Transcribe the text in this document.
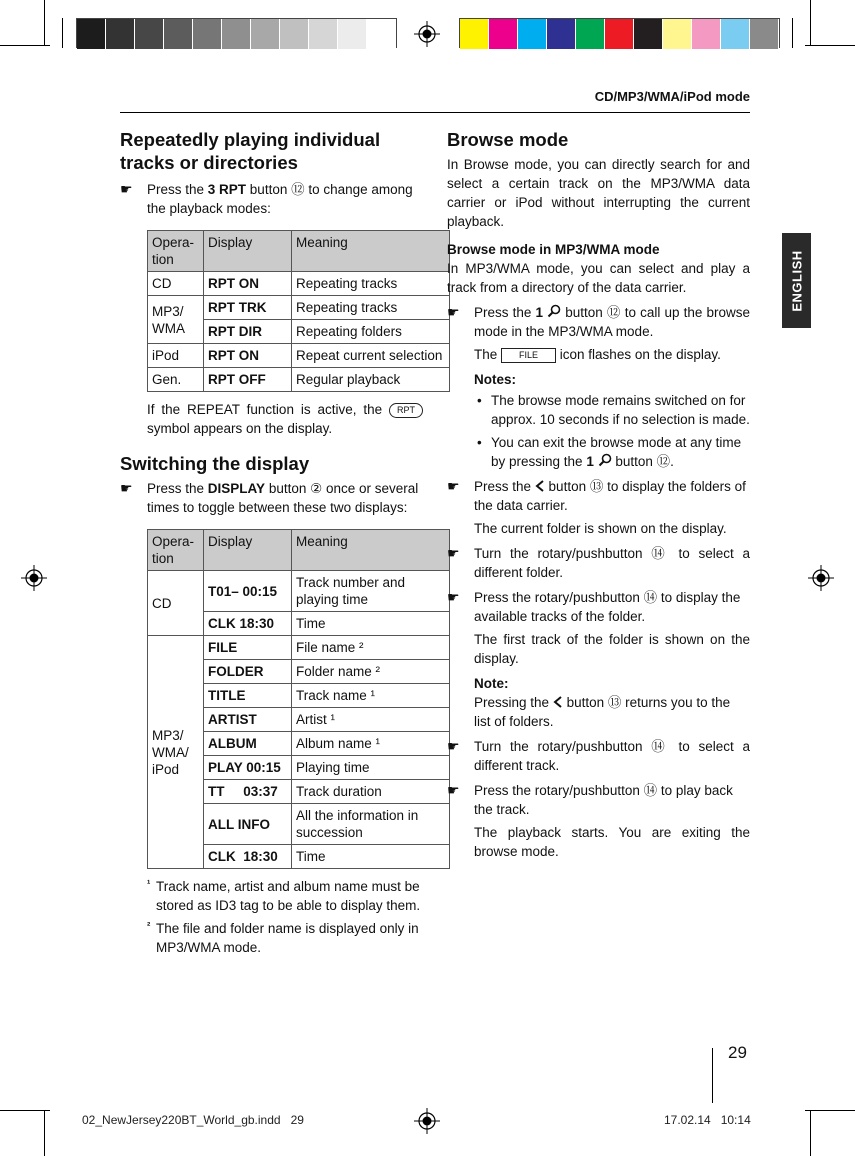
CD/MP3/WMA/iPod mode
ENGLISH
Repeatedly playing individual tracks or directories
☛ Press the 3 RPT button ⑫ to change among the playback modes:
Opera-tion	Display	Meaning
CD	RPT ON	Repeating tracks
MP3/ WMA	RPT TRK	Repeating tracks
	RPT DIR	Repeating folders
iPod	RPT ON	Repeat current selection
Gen.	RPT OFF	Regular playback

If the REPEAT function is active, the RPT symbol appears on the display.

Switching the display
☛ Press the DISPLAY button ② once or several times to toggle between these two displays:
Opera-tion	Display	Meaning
CD	T01– 00:15	Track number and playing time
	CLK 18:30	Time
MP3/ WMA/ iPod	FILE	File name ²
	FOLDER	Folder name ²
	TITLE	Track name ¹
	ARTIST	Artist ¹
	ALBUM	Album name ¹
	PLAY 00:15	Playing time
	TT     03:37	Track duration
	ALL INFO	All the information in succession
	CLK  18:30	Time
¹ Track name, artist and album name must be stored as ID3 tag to be able to display them.
² The file and folder name is displayed only in MP3/WMA mode.
Browse mode

In Browse mode, you can directly search for and select a certain track on the MP3/WMA data carrier or iPod without interrupting the current playback.

Browse mode in MP3/WMA mode

In MP3/WMA mode, you can select and play a track from a directory of the data carrier.

☛ Press the 1  button ⑫ to call up the browse mode in the MP3/WMA mode.

The FILE icon flashes on the display.

Notes:

• The browse mode remains switched on for approx. 10 seconds if no selection is made.
• You can exit the browse mode at any time by pressing the 1  button ⑫.
☛ Press the  button ⑬ to display the folders of the data carrier.

The current folder is shown on the display.

☛ Turn the rotary/pushbutton ⑭ to select a different folder.
☛ Press the rotary/pushbutton ⑭ to display the available tracks of the folder.

The first track of the folder is shown on the display.

Note:

Pressing the  button ⑬ returns you to the list of folders.

☛ Turn the rotary/pushbutton ⑭ to select a different track.
☛ Press the rotary/pushbutton ⑭ to play back the track.

The playback starts. You are exiting the browse mode.

29
02_NewJersey220BT_World_gb.indd   29	17.02.14   10:14
